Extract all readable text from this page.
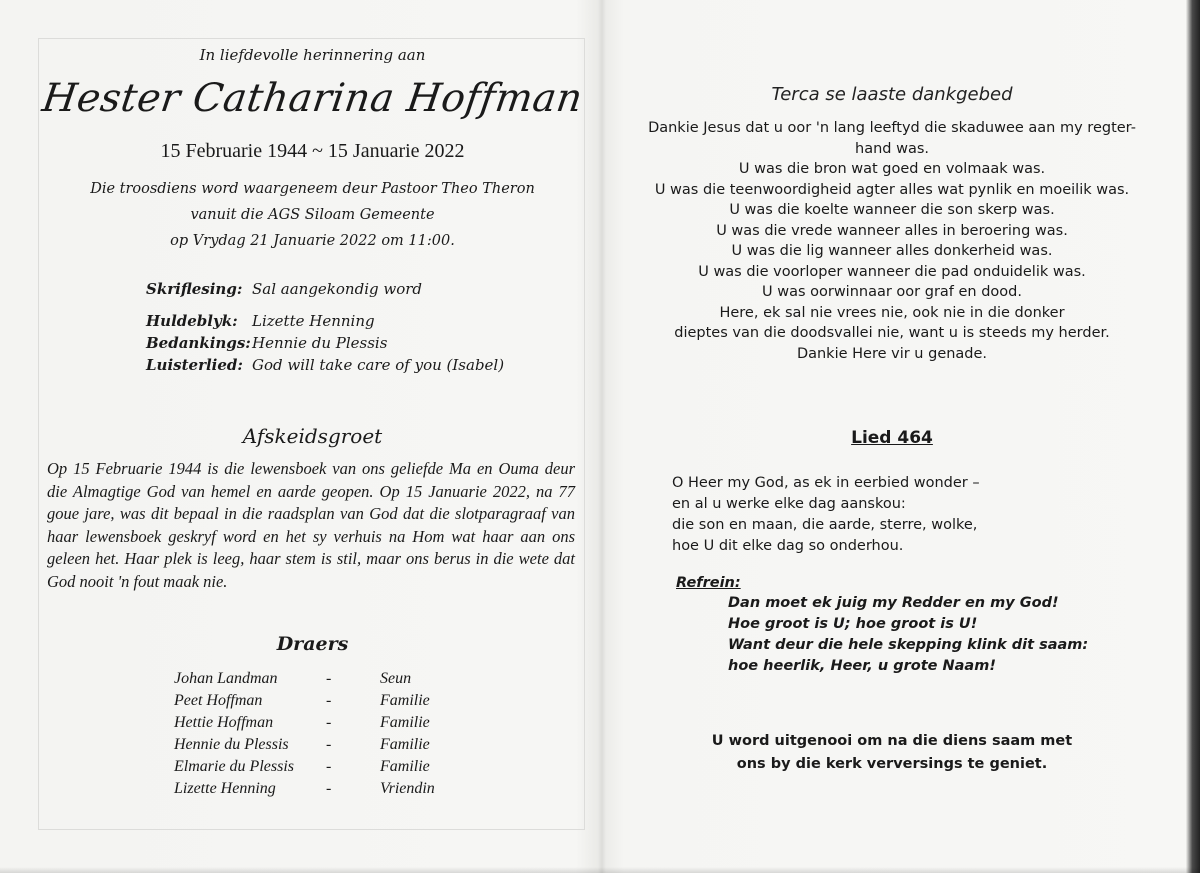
In liefdevolle herinnering aan
Hester Catharina Hoffman
15 Februarie 1944 ~ 15 Januarie 2022
Die troosdiens word waargeneem deur Pastoor Theo Theron
vanuit die AGS Siloam Gemeente
op Vrydag 21 Januarie 2022 om 11:00.
Skriflesing: Sal aangekondig word
Huldeblyk: Lizette Henning
Bedankings: Hennie du Plessis
Luisterlied: God will take care of you (Isabel)
Afskeidsgroet
Op 15 Februarie 1944 is die lewensboek van ons geliefde Ma en Ouma deur die Almagtige God van hemel en aarde geopen. Op 15 Januarie 2022, na 77 goue jare, was dit bepaal in die raadsplan van God dat die slotparagraaf van haar lewensboek geskryf word en het sy verhuis na Hom wat haar aan ons geleen het. Haar plek is leeg, haar stem is stil, maar ons berus in die wete dat God nooit 'n fout maak nie.
Draers
Johan Landman	-	Seun
Peet Hoffman	-	Familie
Hettie Hoffman	-	Familie
Hennie du Plessis -	Familie
Elmarie du Plessis -	Familie
Lizette Henning	-	Vriendin
Terca se laaste dankgebed
Dankie Jesus dat u oor 'n lang leeftyd die skaduwee aan my regter-
hand was.
U was die bron wat goed en volmaak was.
U was die teenwoordigheid agter alles wat pynlik en moeilik was.
U was die koelte wanneer die son skerp was.
U was die vrede wanneer alles in beroering was.
U was die lig wanneer alles donkerheid was.
U was die voorloper wanneer die pad onduidelik was.
U was oorwinnaar oor graf en dood.
Here, ek sal nie vrees nie, ook nie in die donker
dieptes van die doodsvallei nie, want u is steeds my herder.
Dankie Here vir u genade.
Lied 464
O Heer my God, as ek in eerbied wonder –
en al u werke elke dag aanskou:
die son en maan, die aarde, sterre, wolke,
hoe U dit elke dag so onderhou.
Refrein:
Dan moet ek juig my Redder en my God!
Hoe groot is U; hoe groot is U!
Want deur die hele skepping klink dit saam:
hoe heerlik, Heer, u grote Naam!
U word uitgenooi om na die diens saam met
ons by die kerk verversings te geniet.
